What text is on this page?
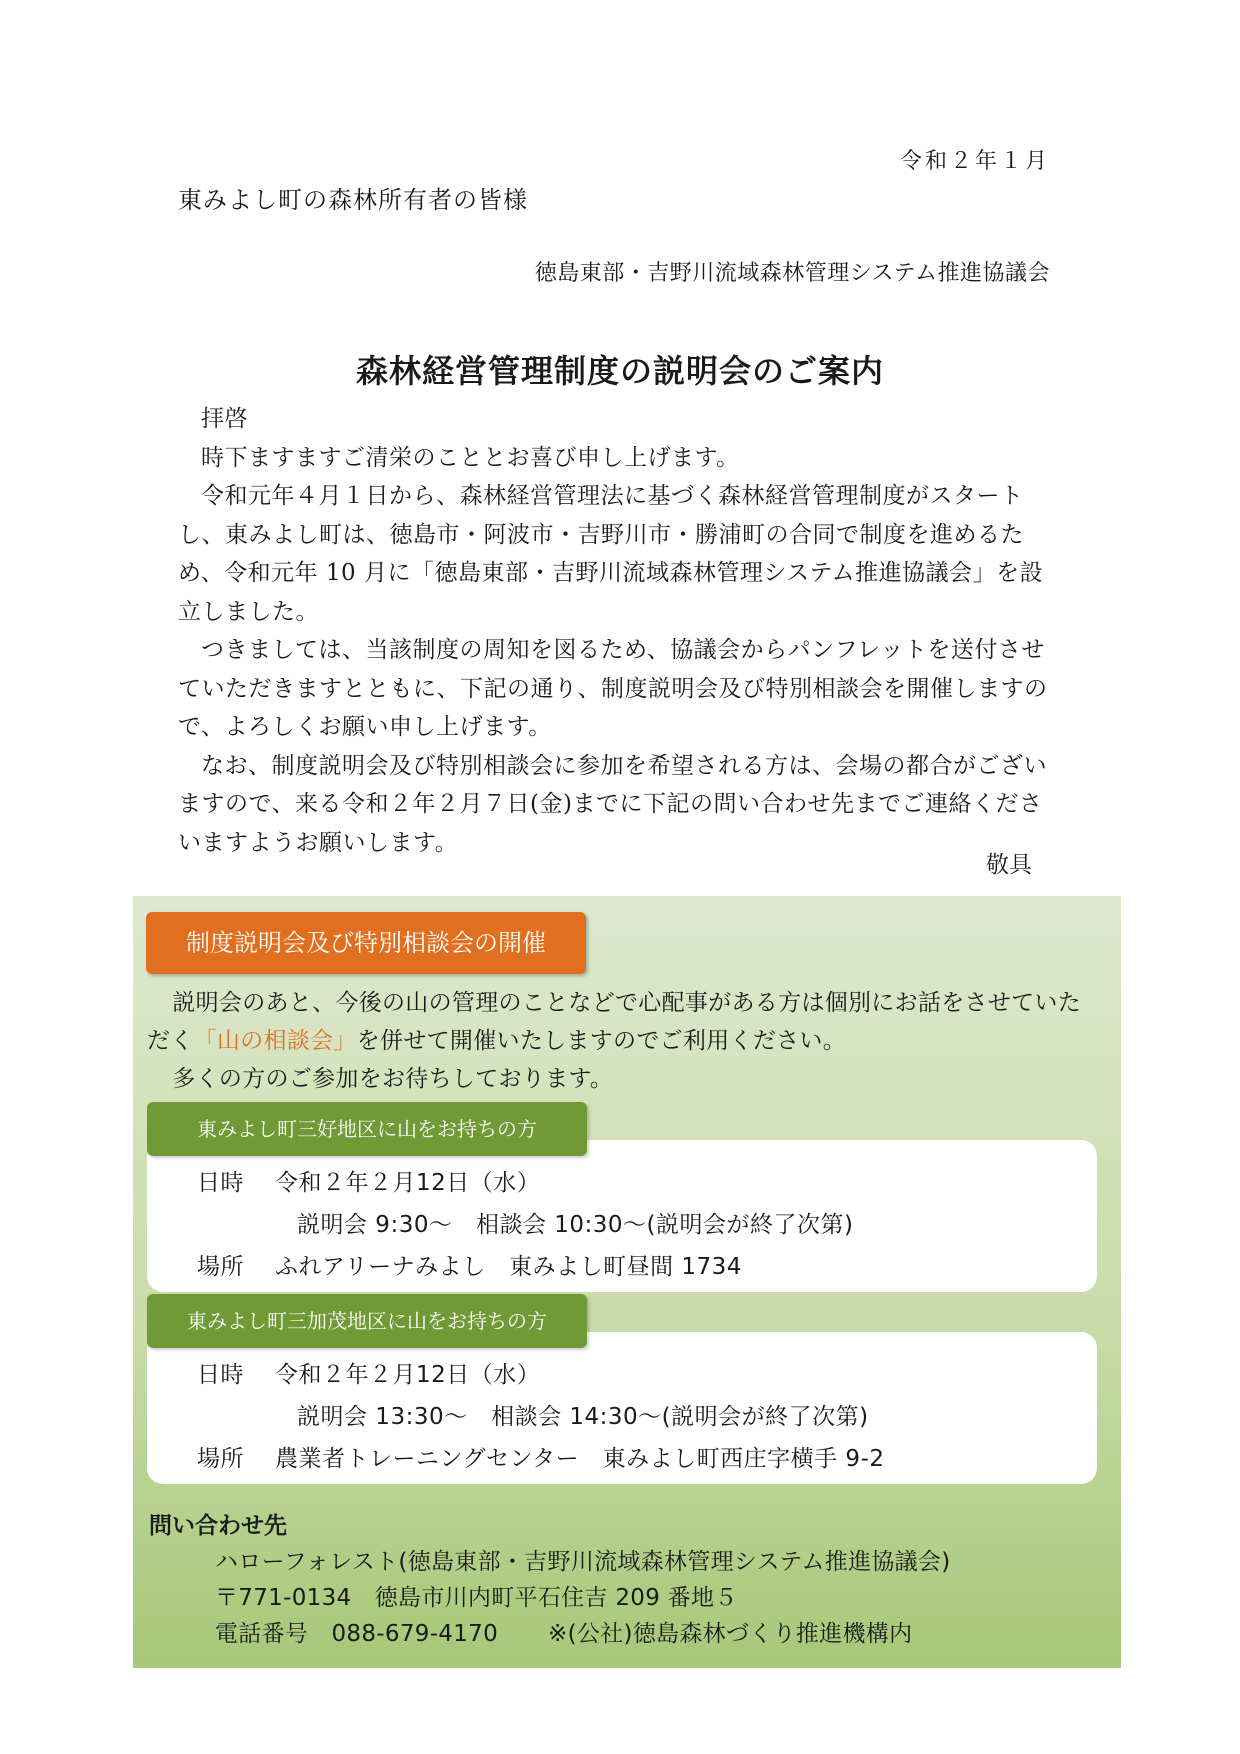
令和２年１月
東みよし町の森林所有者の皆様
徳島東部・吉野川流域森林管理システム推進協議会
森林経営管理制度の説明会のご案内

拝啓

時下ますますご清栄のこととお喜び申し上げます。

令和元年４月１日から、森林経営管理法に基づく森林経営管理制度がスタートし、東みよし町は、徳島市・阿波市・吉野川市・勝浦町の合同で制度を進めるため、令和元年 10 月に「徳島東部・吉野川流域森林管理システム推進協議会」を設立しました。

つきましては、当該制度の周知を図るため、協議会からパンフレットを送付させていただきますとともに、下記の通り、制度説明会及び特別相談会を開催しますので、よろしくお願い申し上げます。

なお、制度説明会及び特別相談会に参加を希望される方は、会場の都合がございますので、来る令和２年２月７日(金)までに下記の問い合わせ先までご連絡くださいますようお願いします。

敬具
制度説明会及び特別相談会の開催

説明会のあと、今後の山の管理のことなどで心配事がある方は個別にお話をさせていただく「山の相談会」を併せて開催いたしますのでご利用ください。

多くの方のご参加をお待ちしております。

日時 令和２年２月12日（水）
説明会 9:30～　相談会 10:30～(説明会が終了次第)
場所 ふれアリーナみよし　東みよし町昼間 1734
東みよし町三好地区に山をお持ちの方
日時 令和２年２月12日（水）
説明会 13:30～　相談会 14:30～(説明会が終了次第)
場所 農業者トレーニングセンター　東みよし町西庄字横手 9-2
東みよし町三加茂地区に山をお持ちの方
問い合わせ先
ハローフォレスト(徳島東部・吉野川流域森林管理システム推進協議会)
〒771-0134　徳島市川内町平石住吉 209 番地５
電話番号　088-679-4170 ※(公社)徳島森林づくり推進機構内
